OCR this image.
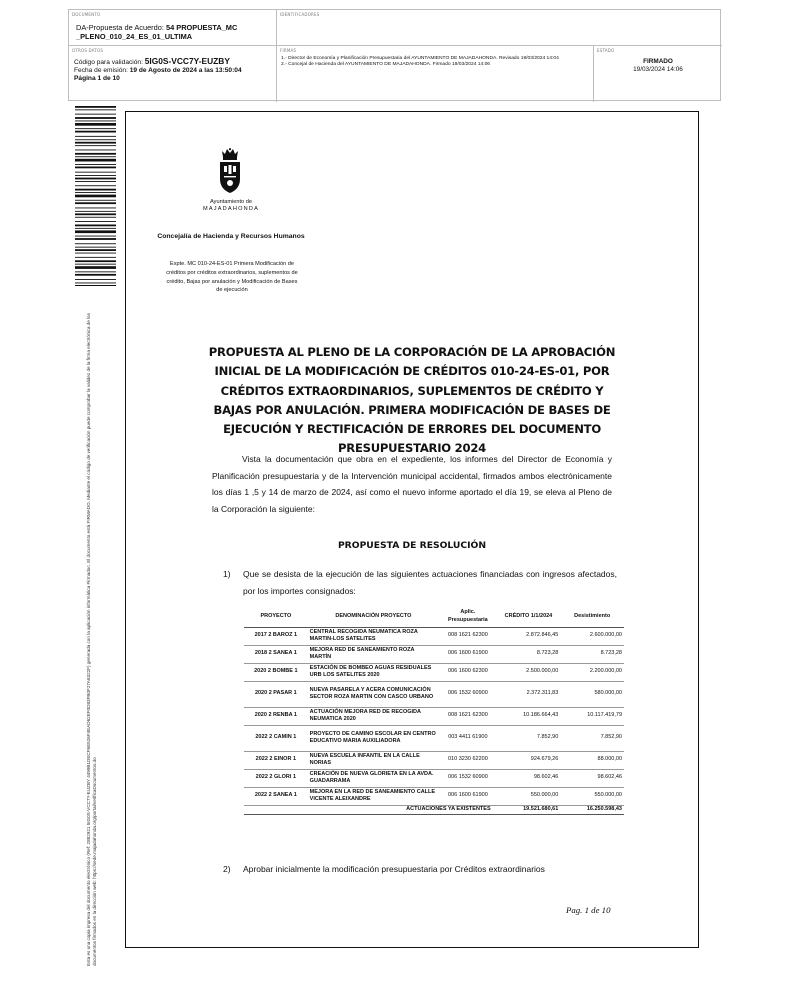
DOCUMENTO
DA-Propuesta de Acuerdo: 54 PROPUESTA_MC
_PLENO_010_24_ES_01_ULTIMA
IDENTIFICADORES
OTROS DATOS
Código para validación: 5IG0S-VCC7Y-EUZBY
Fecha de emisión: 19 de Agosto de 2024 a las 13:50:04
Página 1 de 10
FIRMAS
1.- Director de Economía y Planificación Presupuestaria del AYUNTAMIENTO DE MAJADAHONDA. Revisado 19/03/2024 14:04
2.- Concejal de Hacienda del AYUNTAMIENTO DE MAJADAHONDA. Firmado 19/03/2024 14:06
ESTADO
FIRMADO
19/03/2024 14:06
Esta es una copia impresa del documento electrónico (Ref: 2882921 5IG0S-VCC7Y-EUZBY 4499B1DECF6E526F4EAD62EF0D83FB0F27A6322F) generada con la aplicación informática Firmadoc. El documento está FIRMADO. Mediante el código de verificación puede comprobar la validez de la firma electrónica de los documentos firmados en la dirección web: https://sede.majadahonda.org/portal/verificaDocumentos.do
Ayuntamiento de
MAJADAHONDA
Concejalía de Hacienda y Recursos Humanos
Expte. MC 010-24-ES-01 Primera Modificación de créditos por créditos extraordinarios, suplementos de crédito, Bajas por anulación y Modificación de Bases de ejecución
PROPUESTA AL PLENO DE LA CORPORACIÓN DE LA APROBACIÓN INICIAL DE LA MODIFICACIÓN DE CRÉDITOS 010-24-ES-01, POR CRÉDITOS EXTRAORDINARIOS, SUPLEMENTOS DE CRÉDITO Y BAJAS POR ANULACIÓN. PRIMERA MODIFICACIÓN DE BASES DE EJECUCIÓN Y RECTIFICACIÓN DE ERRORES DEL DOCUMENTO PRESUPUESTARIO 2024

Vista la documentación que obra en el expediente, los informes del Director de Economía y Planificación presupuestaria y de la Intervención municipal accidental, firmados ambos electrónicamente los días 1 ,5 y 14 de marzo de 2024, así como el nuevo informe aportado el día 19, se eleva al Pleno de la Corporación la siguiente:

PROPUESTA DE RESOLUCIÓN
1) Que se desista de la ejecución de las siguientes actuaciones financiadas con ingresos afectados, por los importes consignados:
PROYECTO	DENOMINACIÓN PROYECTO	Aplic. Presupuestaria	CRÉDITO 1/1/2024	Desistimiento
2017 2 BAROZ 1	CENTRAL RECOGIDA NEUMATICA ROZA MARTIN-LOS SATELITES	008 1621 62300	2.872.846,45	2.600.000,00
2018 2 SANEA 1	MEJORA RED DE SANEAMIENTO ROZA MARTÍN	006 1600 61900	8.723,28	8.723,28
2020 2 BOMBE 1	ESTACIÓN DE BOMBEO AGUAS RESIDUALES URB LOS SATELITES 2020	006 1600 62300	2.500.000,00	2.200.000,00
2020 2 PASAR 1	NUEVA PASARELA Y ACERA COMUNICACIÓN SECTOR ROZA MARTIN CON CASCO URBANO	006 1532 60900	2.372.311,83	580.000,00
2020 2 RENBA 1	ACTUACIÓN MEJORA RED DE RECOGIDA NEUMATICA 2020	008 1621 62300	10.186.664,43	10.117.419,79
2022 2 CAMIN 1	PROYECTO DE CAMINO ESCOLAR EN CENTRO EDUCATIVO MARIA AUXILIADORA	003 4411 61900	7.852,90	7.852,90
2022 2 EINOR 1	NUEVA ESCUELA INFANTIL EN LA CALLE NORIAS	010 3230 62200	924.679,26	88.000,00
2022 2 GLORI 1	CREACIÓN DE NUEVA GLORIETA EN LA AVDA. GUADARRAMA	006 1532 60900	98.602,46	98.602,46
2022 2 SANEA 1	MEJORA EN LA RED DE SANEAMIENTO CALLE VICENTE ALEIXANDRE	006 1600 61900	550.000,00	550.000,00
	ACTUACIONES YA EXISTENTES		19.521.680,61	16.250.598,43
2) Aprobar inicialmente la modificación presupuestaria por Créditos extraordinarios
Pag. 1 de 10
